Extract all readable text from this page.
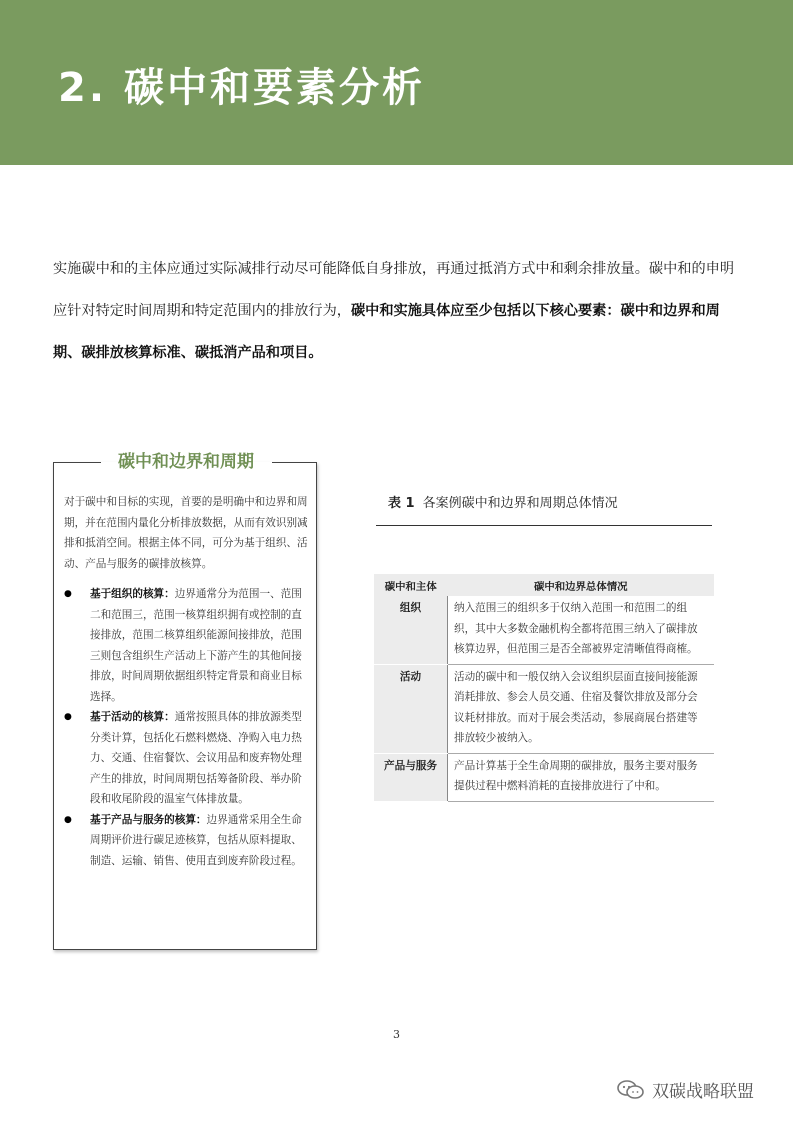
2. 碳中和要素分析

实施碳中和的主体应通过实际减排行动尽可能降低自身排放，再通过抵消方式中和剩余排放量。碳中和的申明应针对特定时间周期和特定范围内的排放行为，碳中和实施具体应至少包括以下核心要素：碳中和边界和周期、碳排放核算标准、碳抵消产品和项目。

碳中和边界和周期

对于碳中和目标的实现，首要的是明确中和边界和周期，并在范围内量化分析排放数据，从而有效识别减排和抵消空间。根据主体不同，可分为基于组织、活动、产品与服务的碳排放核算。

● 基于组织的核算：边界通常分为范围一、范围二和范围三，范围一核算组织拥有或控制的直接排放，范围二核算组织能源间接排放，范围三则包含组织生产活动上下游产生的其他间接排放，时间周期依据组织特定背景和商业目标选择。
● 基于活动的核算：通常按照具体的排放源类型分类计算，包括化石燃料燃烧、净购入电力热力、交通、住宿餐饮、会议用品和废弃物处理产生的排放，时间周期包括筹备阶段、举办阶段和收尾阶段的温室气体排放量。
● 基于产品与服务的核算：边界通常采用全生命周期评价进行碳足迹核算，包括从原料提取、制造、运输、销售、使用直到废弃阶段过程。

表 1 各案例碳中和边界和周期总体情况

碳中和主体	碳中和边界总体情况
组织	纳入范围三的组织多于仅纳入范围一和范围二的组织，其中大多数金融机构全都将范围三纳入了碳排放核算边界，但范围三是否全部被界定清晰值得商榷。
活动	活动的碳中和一般仅纳入会议组织层面直接间接能源消耗排放、参会人员交通、住宿及餐饮排放及部分会议耗材排放。而对于展会类活动，参展商展台搭建等排放较少被纳入。
产品与服务	产品计算基于全生命周期的碳排放，服务主要对服务提供过程中燃料消耗的直接排放进行了中和。

3

双碳战略联盟
